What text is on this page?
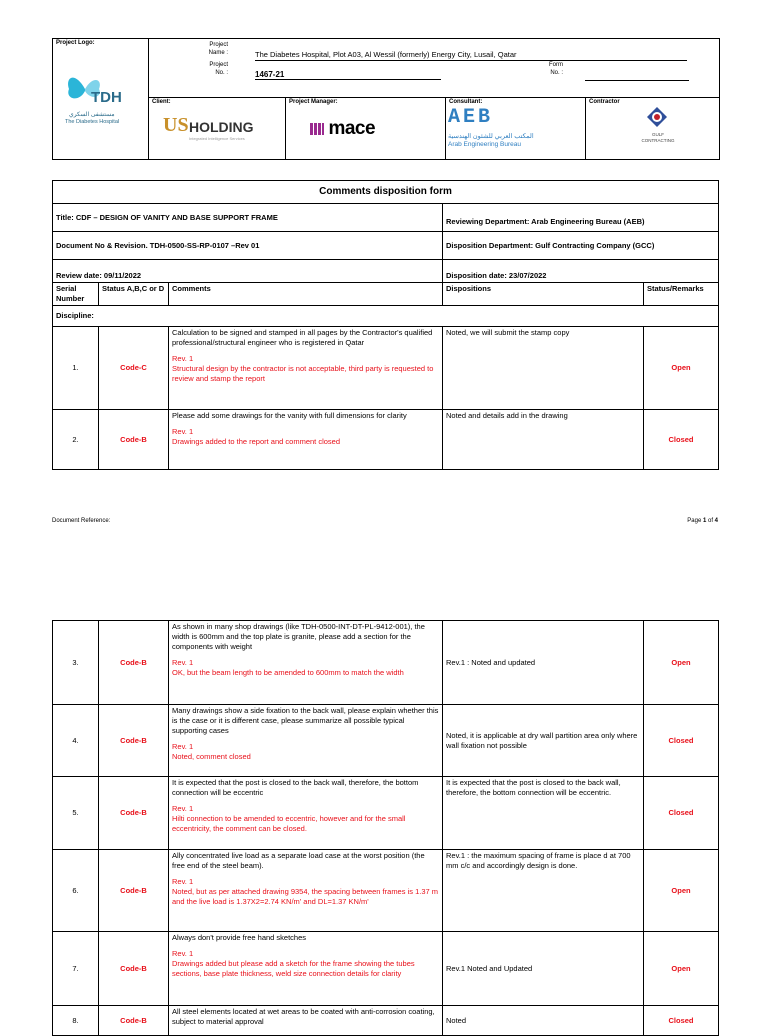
Project Logo:
TDH
مستشفى السكري
The Diabetes Hospital
Project
Name :	The Diabetes Hospital, Plot A03, Al Wessil (formerly) Energy City, Lusail, Qatar
Project
No. :	1467-21
Form
No. :
Client:
US HOLDING
Integrated Intelligence Services
Project Manager:
mace
Consultant:
AEB
المكتب العربي للشئون الهندسية
Arab Engineering Bureau
Contractor
GULF CONTRACTING
Comments disposition form				
Title: CDF – DESIGN OF VANITY AND BASE SUPPORT FRAME			Reviewing Department: Arab Engineering Bureau (AEB)	
Document No & Revision. TDH-0500-SS-RP-0107 –Rev 01			Disposition Department: Gulf Contracting Company (GCC)	
Review date: 09/11/2022			Disposition date: 23/07/2022	
Serial Number	Status A,B,C or D	Comments	Dispositions	Status/Remarks
Discipline:				
1.	Code-C	Calculation to be signed and stamped in all pages by the Contractor's qualified professional/structural engineer who is registered in Qatar
Rev. 1
Structural design by the contractor is not acceptable, third party is requested to review and stamp the report	Noted, we will submit the stamp copy	Open
2.	Code-B	Please add some drawings for the vanity with full dimensions for clarity
Rev. 1
Drawings added to the report and comment closed	Noted and details add in the drawing	Closed
Document Reference:	Page 1 of 4
3.	Code-B	As shown in many shop drawings (like TDH-0500-INT-DT-PL-9412-001), the width is 600mm and the top plate is granite, please add a section for the components with weight
Rev. 1
OK, but the beam length to be amended to 600mm to match the width	Rev.1 : Noted and updated	Open
4.	Code-B	Many drawings show a side fixation to the back wall, please explain whether this is the case or it is different case, please summarize all possible typical supporting cases
Rev. 1
Noted, comment closed	Noted, it is applicable at dry wall partition area only where wall fixation not possible	Closed
5.	Code-B	It is expected that the post is closed to the back wall, therefore, the bottom connection will be eccentric
Rev. 1
Hilti connection to be amended to eccentric, however and for the small eccentricity, the comment can be closed.	It is expected that the post is closed to the back wall, therefore, the bottom connection will be eccentric.	Closed
6.	Code-B	Ally concentrated live load as a separate load case at the worst position (the free end of the steel beam).
Rev. 1
Noted, but as per attached drawing 9354, the spacing between frames is 1.37 m and the live load is 1.37X2=2.74 KN/m' and DL=1.37 KN/m'	Rev.1 : the maximum spacing of frame is place d at 700 mm c/c and accordingly design is done.	Open
7.	Code-B	Always don't provide free hand sketches
Rev. 1
Drawings added but please add a sketch for the frame showing the tubes sections, base plate thickness, weld size connection details for clarity	Rev.1 Noted and Updated	Open
8.	Code-B	All steel elements located at wet areas to be coated with anti-corrosion coating, subject to material approval	Noted	Closed
